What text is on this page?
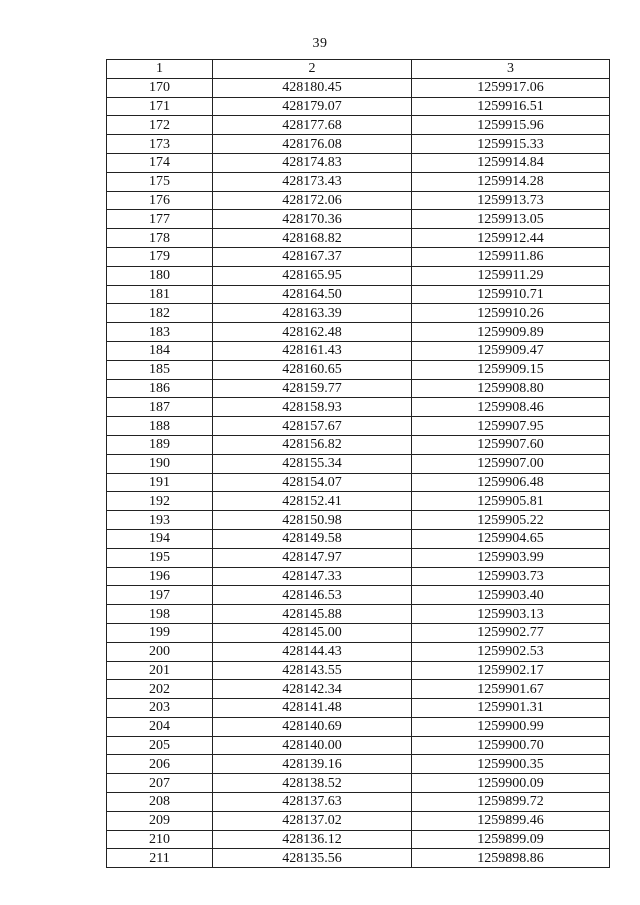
39
1	2	3
170	428180.45	1259917.06
171	428179.07	1259916.51
172	428177.68	1259915.96
173	428176.08	1259915.33
174	428174.83	1259914.84
175	428173.43	1259914.28
176	428172.06	1259913.73
177	428170.36	1259913.05
178	428168.82	1259912.44
179	428167.37	1259911.86
180	428165.95	1259911.29
181	428164.50	1259910.71
182	428163.39	1259910.26
183	428162.48	1259909.89
184	428161.43	1259909.47
185	428160.65	1259909.15
186	428159.77	1259908.80
187	428158.93	1259908.46
188	428157.67	1259907.95
189	428156.82	1259907.60
190	428155.34	1259907.00
191	428154.07	1259906.48
192	428152.41	1259905.81
193	428150.98	1259905.22
194	428149.58	1259904.65
195	428147.97	1259903.99
196	428147.33	1259903.73
197	428146.53	1259903.40
198	428145.88	1259903.13
199	428145.00	1259902.77
200	428144.43	1259902.53
201	428143.55	1259902.17
202	428142.34	1259901.67
203	428141.48	1259901.31
204	428140.69	1259900.99
205	428140.00	1259900.70
206	428139.16	1259900.35
207	428138.52	1259900.09
208	428137.63	1259899.72
209	428137.02	1259899.46
210	428136.12	1259899.09
211	428135.56	1259898.86
